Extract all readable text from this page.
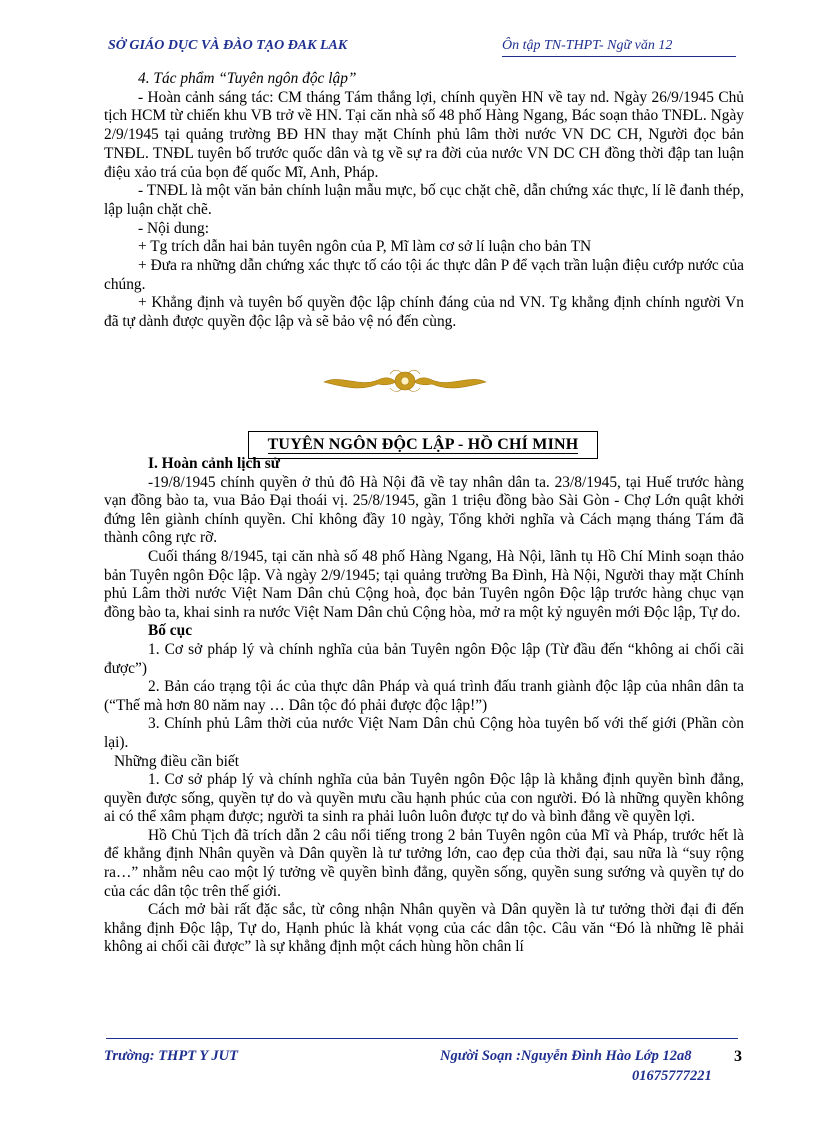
SỞ GIÁO DỤC VÀ ĐÀO TẠO ĐAK LAK	Ôn tập TN-THPT- Ngữ văn 12

4. Tác phẩm “Tuyên ngôn độc lập”

- Hoàn cảnh sáng tác: CM tháng Tám thắng lợi, chính quyền HN về tay nd. Ngày 26/9/1945 Chủ tịch HCM từ chiến khu VB trở về HN. Tại căn nhà số 48 phố Hàng Ngang, Bác soạn thảo TNĐL. Ngày 2/9/1945 tại quảng trường BĐ HN thay mặt Chính phủ lâm thời nước VN DC CH, Người đọc bản TNĐL. TNĐL tuyên bố trước quốc dân và tg về sự ra đời của nước VN DC CH đồng thời đập tan luận điệu xảo trá của bọn đế quốc Mĩ, Anh, Pháp.

- TNĐL là một văn bản chính luận mẫu mực, bố cục chặt chẽ, dẫn chứng xác thực, lí lẽ đanh thép, lập luận chặt chẽ.

- Nội dung:

+ Tg trích dẫn hai bản tuyên ngôn của P, Mĩ làm cơ sở lí luận cho bản TN

+ Đưa ra những dẫn chứng xác thực tố cáo tội ác thực dân P để vạch trần luận điệu cướp nước của chúng.

+ Khẳng định và tuyên bố quyền độc lập chính đáng của nd VN. Tg khẳng định chính người Vn đã tự dành được quyền độc lập và sẽ bảo vệ nó đến cùng.

TUYÊN NGÔN ĐỘC LẬP - HỒ CHÍ MINH

I. Hoàn cảnh lịch sử

-19/8/1945 chính quyền ở thủ đô Hà Nội đã về tay nhân dân ta. 23/8/1945, tại Huế trước hàng vạn đồng bào ta, vua Bảo Đại thoái vị. 25/8/1945, gần 1 triệu đồng bào Sài Gòn - Chợ Lớn quật khởi đứng lên giành chính quyền. Chỉ không đầy 10 ngày, Tổng khởi nghĩa và Cách mạng tháng Tám đã thành công rực rỡ.

Cuối tháng 8/1945, tại căn nhà số 48 phố Hàng Ngang, Hà Nội, lãnh tụ Hồ Chí Minh soạn thảo bản Tuyên ngôn Độc lập. Và ngày 2/9/1945; tại quảng trường Ba Đình, Hà Nội, Người thay mặt Chính phủ Lâm thời nước Việt Nam Dân chủ Cộng hoà, đọc bản Tuyên ngôn Độc lập trước hàng chục vạn đồng bào ta, khai sinh ra nước Việt Nam Dân chủ Cộng hòa, mở ra một kỷ nguyên mới Độc lập, Tự do.

Bố cục

1. Cơ sở pháp lý và chính nghĩa của bản Tuyên ngôn Độc lập (Từ đầu đến “không ai chối cãi được”)

2. Bản cáo trạng tội ác của thực dân Pháp và quá trình đấu tranh giành độc lập của nhân dân ta (“Thế mà hơn 80 năm nay … Dân tộc đó phải được độc lập!”)

3. Chính phủ Lâm thời của nước Việt Nam Dân chủ Cộng hòa tuyên bố với thế giới (Phần còn lại).

Những điều cần biết

1. Cơ sở pháp lý và chính nghĩa của bản Tuyên ngôn Độc lập là khẳng định quyền bình đẳng, quyền được sống, quyền tự do và quyền mưu cầu hạnh phúc của con người. Đó là những quyền không ai có thể xâm phạm được; người ta sinh ra phải luôn luôn được tự do và bình đẳng về quyền lợi.

Hồ Chủ Tịch đã trích dẫn 2 câu nổi tiếng trong 2 bản Tuyên ngôn của Mĩ và Pháp, trước hết là để khẳng định Nhân quyền và Dân quyền là tư tưởng lớn, cao đẹp của thời đại, sau nữa là “suy rộng ra…” nhằm nêu cao một lý tưởng về quyền bình đẳng, quyền sống, quyền sung sướng và quyền tự do của các dân tộc trên thế giới.

Cách mở bài rất đặc sắc, từ công nhận Nhân quyền và Dân quyền là tư tưởng thời đại đi đến khẳng định Độc lập, Tự do, Hạnh phúc là khát vọng của các dân tộc. Câu văn “Đó là những lẽ phải không ai chối cãi được” là sự khẳng định một cách hùng hồn chân lí

Trường: THPT Y JUT	Người Soạn :Nguyễn Đình Hào Lớp 12a8
01675777221
3
